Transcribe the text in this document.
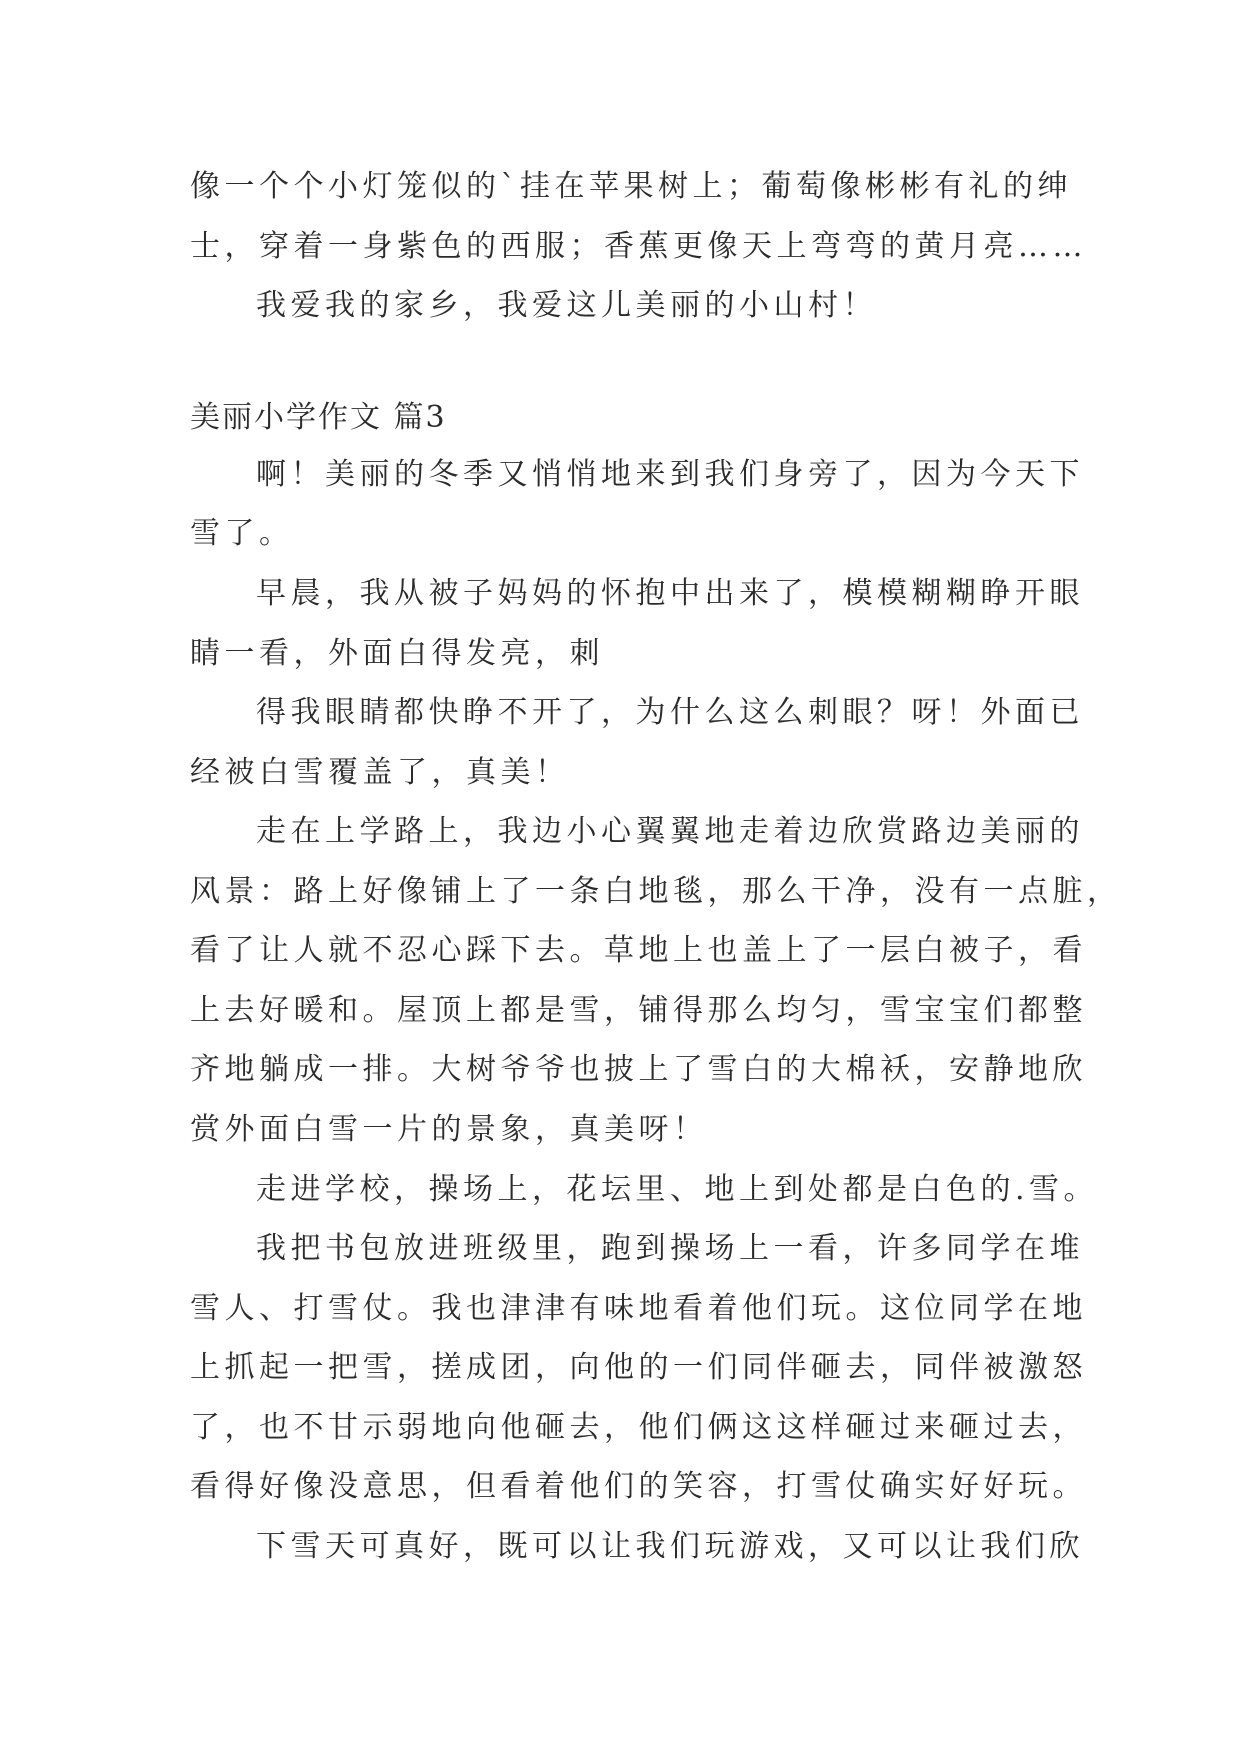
像一个个小灯笼似的`挂在苹果树上；葡萄像彬彬有礼的绅
士，穿着一身紫色的西服；香蕉更像天上弯弯的黄月亮……
我爱我的家乡，我爱这儿美丽的小山村！
美丽小学作文 篇3
啊！美丽的冬季又悄悄地来到我们身旁了，因为今天下
雪了。
早晨，我从被子妈妈的怀抱中出来了，模模糊糊睁开眼
睛一看，外面白得发亮，刺
得我眼睛都快睁不开了，为什么这么刺眼？呀！外面已
经被白雪覆盖了，真美！
走在上学路上，我边小心翼翼地走着边欣赏路边美丽的
风景：路上好像铺上了一条白地毯，那么干净，没有一点脏，
看了让人就不忍心踩下去。草地上也盖上了一层白被子，看
上去好暖和。屋顶上都是雪，铺得那么均匀，雪宝宝们都整
齐地躺成一排。大树爷爷也披上了雪白的大棉袄，安静地欣
赏外面白雪一片的景象，真美呀！
走进学校，操场上，花坛里、地上到处都是白色的.雪。
我把书包放进班级里，跑到操场上一看，许多同学在堆
雪人、打雪仗。我也津津有味地看着他们玩。这位同学在地
上抓起一把雪，搓成团，向他的一们同伴砸去，同伴被激怒
了，也不甘示弱地向他砸去，他们俩这这样砸过来砸过去，
看得好像没意思，但看着他们的笑容，打雪仗确实好好玩。
下雪天可真好，既可以让我们玩游戏，又可以让我们欣
